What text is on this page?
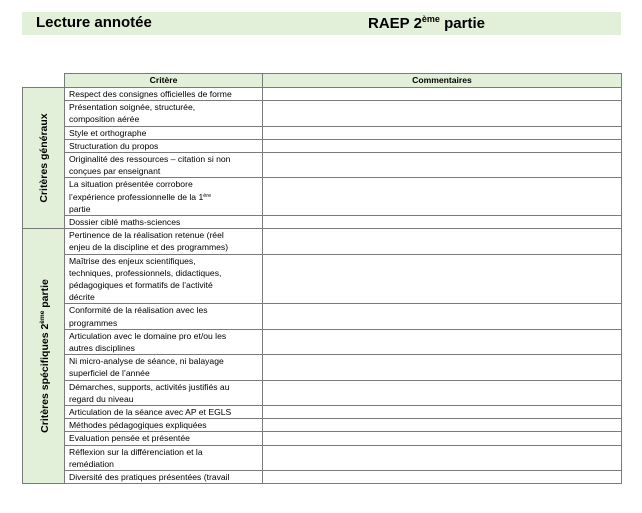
Lecture annotée	RAEP 2ème partie
	Critère	Commentaires

Critères généraux	Respect des consignes officielles de forme	

	Présentation soignée, structurée,
composition aérée	

	Style et orthographe	

	Structuration du propos	

	Originalité des ressources – citation si non
conçues par enseignant	

	La situation présentée corrobore
l’expérience professionnelle de la 1ère
partie	

	Dossier ciblé maths-sciences	

Critères spécifiques 2ème partie	Pertinence de la réalisation retenue (réel
enjeu de la discipline et des programmes)	

	Maîtrise des enjeux scientifiques,
techniques, professionnels, didactiques,
pédagogiques et formatifs de l’activité
décrite	

	Conformité de la réalisation avec les
programmes	

	Articulation avec le domaine pro et/ou les
autres disciplines	

	Ni micro-analyse de séance, ni balayage
superficiel de l’année	

	Démarches, supports, activités justifiés au
regard du niveau	

	Articulation de la séance avec AP et EGLS	

	Méthodes pédagogiques expliquées	

	Evaluation pensée et présentée	

	Réflexion sur la différenciation et la
remédiation	

	Diversité des pratiques présentées (travail	
